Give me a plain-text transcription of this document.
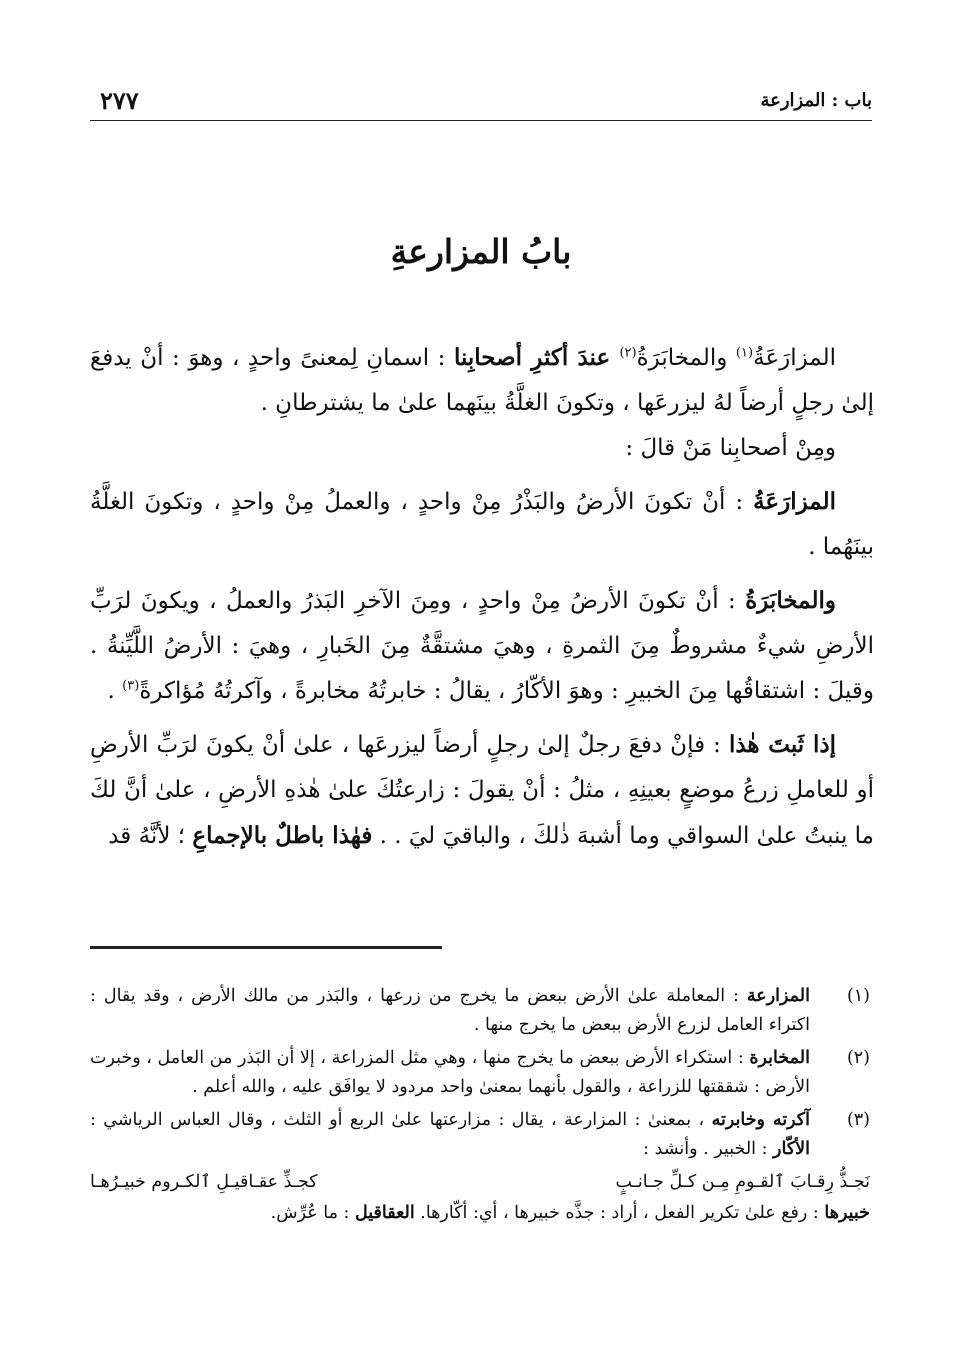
باب : المزارعة
٢٧٧
بابُ المزارعةِ

المزارَعَةُ$^{(١)}$ والمخابَرَةُ$^{(٢)}$ عندَ أكثرِ أصحابِنا : اسمانِ لِمعنىً واحدٍ ، وهوَ : أنْ يدفعَ إلىٰ رجلٍ أرضاً لهُ ليزرعَها ، وتكونَ الغلَّةُ بينَهما علىٰ ما يشترطانِ .

ومِنْ أصحابِنا مَنْ قالَ :

المزارَعَةُ : أنْ تكونَ الأرضُ والبَذْرُ مِنْ واحدٍ ، والعملُ مِنْ واحدٍ ، وتكونَ الغلَّةُ بينَهُما .

والمخابَرَةُ : أنْ تكونَ الأرضُ مِنْ واحدٍ ، ومِنَ الآخرِ البَذرُ والعملُ ، ويكونَ لرَبِّ الأرضِ شيءٌ مشروطٌ مِنَ الثمرةِ ، وهيَ مشتقَّةٌ مِنَ الخَبارِ ، وهيَ : الأرضُ اللَّيِّنةُ . وقيلَ : اشتقاقُها مِنَ الخبيرِ : وهوَ الأكّارُ ، يقالُ : خابرتُهُ مخابرةً ، وآكرتُهُ مُؤاكرةً$^{(٣)}$ .

إذا ثَبتَ هٰذا : فإنْ دفعَ رجلٌ إلىٰ رجلٍ أرضاً ليزرعَها ، علىٰ أنْ يكونَ لرَبِّ الأرضِ أو للعاملِ زرعُ موضعٍ بعينِهِ ، مثلُ : أنْ يقولَ : زارعتُكَ علىٰ هٰذهِ الأرضِ ، علىٰ أنَّ لكَ ما ينبتُ علىٰ السواقي وما أشبهَ ذٰلكَ ، والباقيَ ليَ . . فهٰذا باطلٌ بالإجماعِ ؛ لأنَّهُ قد

(١)
المزارعة : المعاملة علىٰ الأرض ببعض ما يخرج من زرعها ، والبَذر من مالك الأرض ، وقد يقال : اكتراء العامل لزرع الأرض ببعض ما يخرج منها .

(٢)
المخابرة : استكراء الأرض ببعض ما يخرج منها ، وهي مثل المزراعة ، إلا أن البَذر من العامل ، وخبرت الأرض : شققتها للزراعة ، والقول بأنهما بمعنىٰ واحد مردود لا يوافَق عليه ، والله أعلم .

(٣)
آكرته وخابرته ، بمعنىٰ : المزارعة ، يقال : مزارعتها علىٰ الربع أو الثلث ، وقال العباس الرياشي : الأكّار : الخبير . وأنشد :
نَجـذُّ رِقـابَ ٱلقـومِ مِـن كـلِّ جـانـبٍ
كجـذِّ عقـاقيـلِ ٱلكـروم خبيـرُهـا
خبيرها : رفع علىٰ تكرير الفعل ، أراد : جذَّه خبيرها ، أي: أكّارها. العقاقيل : ما عُرِّش.
